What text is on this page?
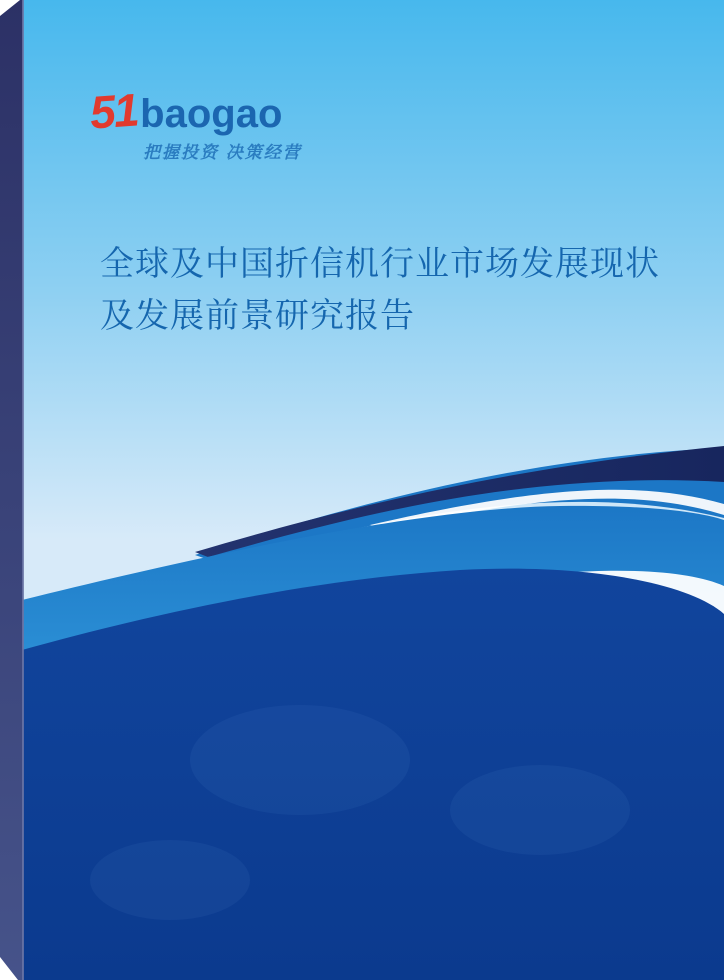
51 baogao
把握投资 决策经营
全球及中国折信机行业市场发展现状及发展前景研究报告
